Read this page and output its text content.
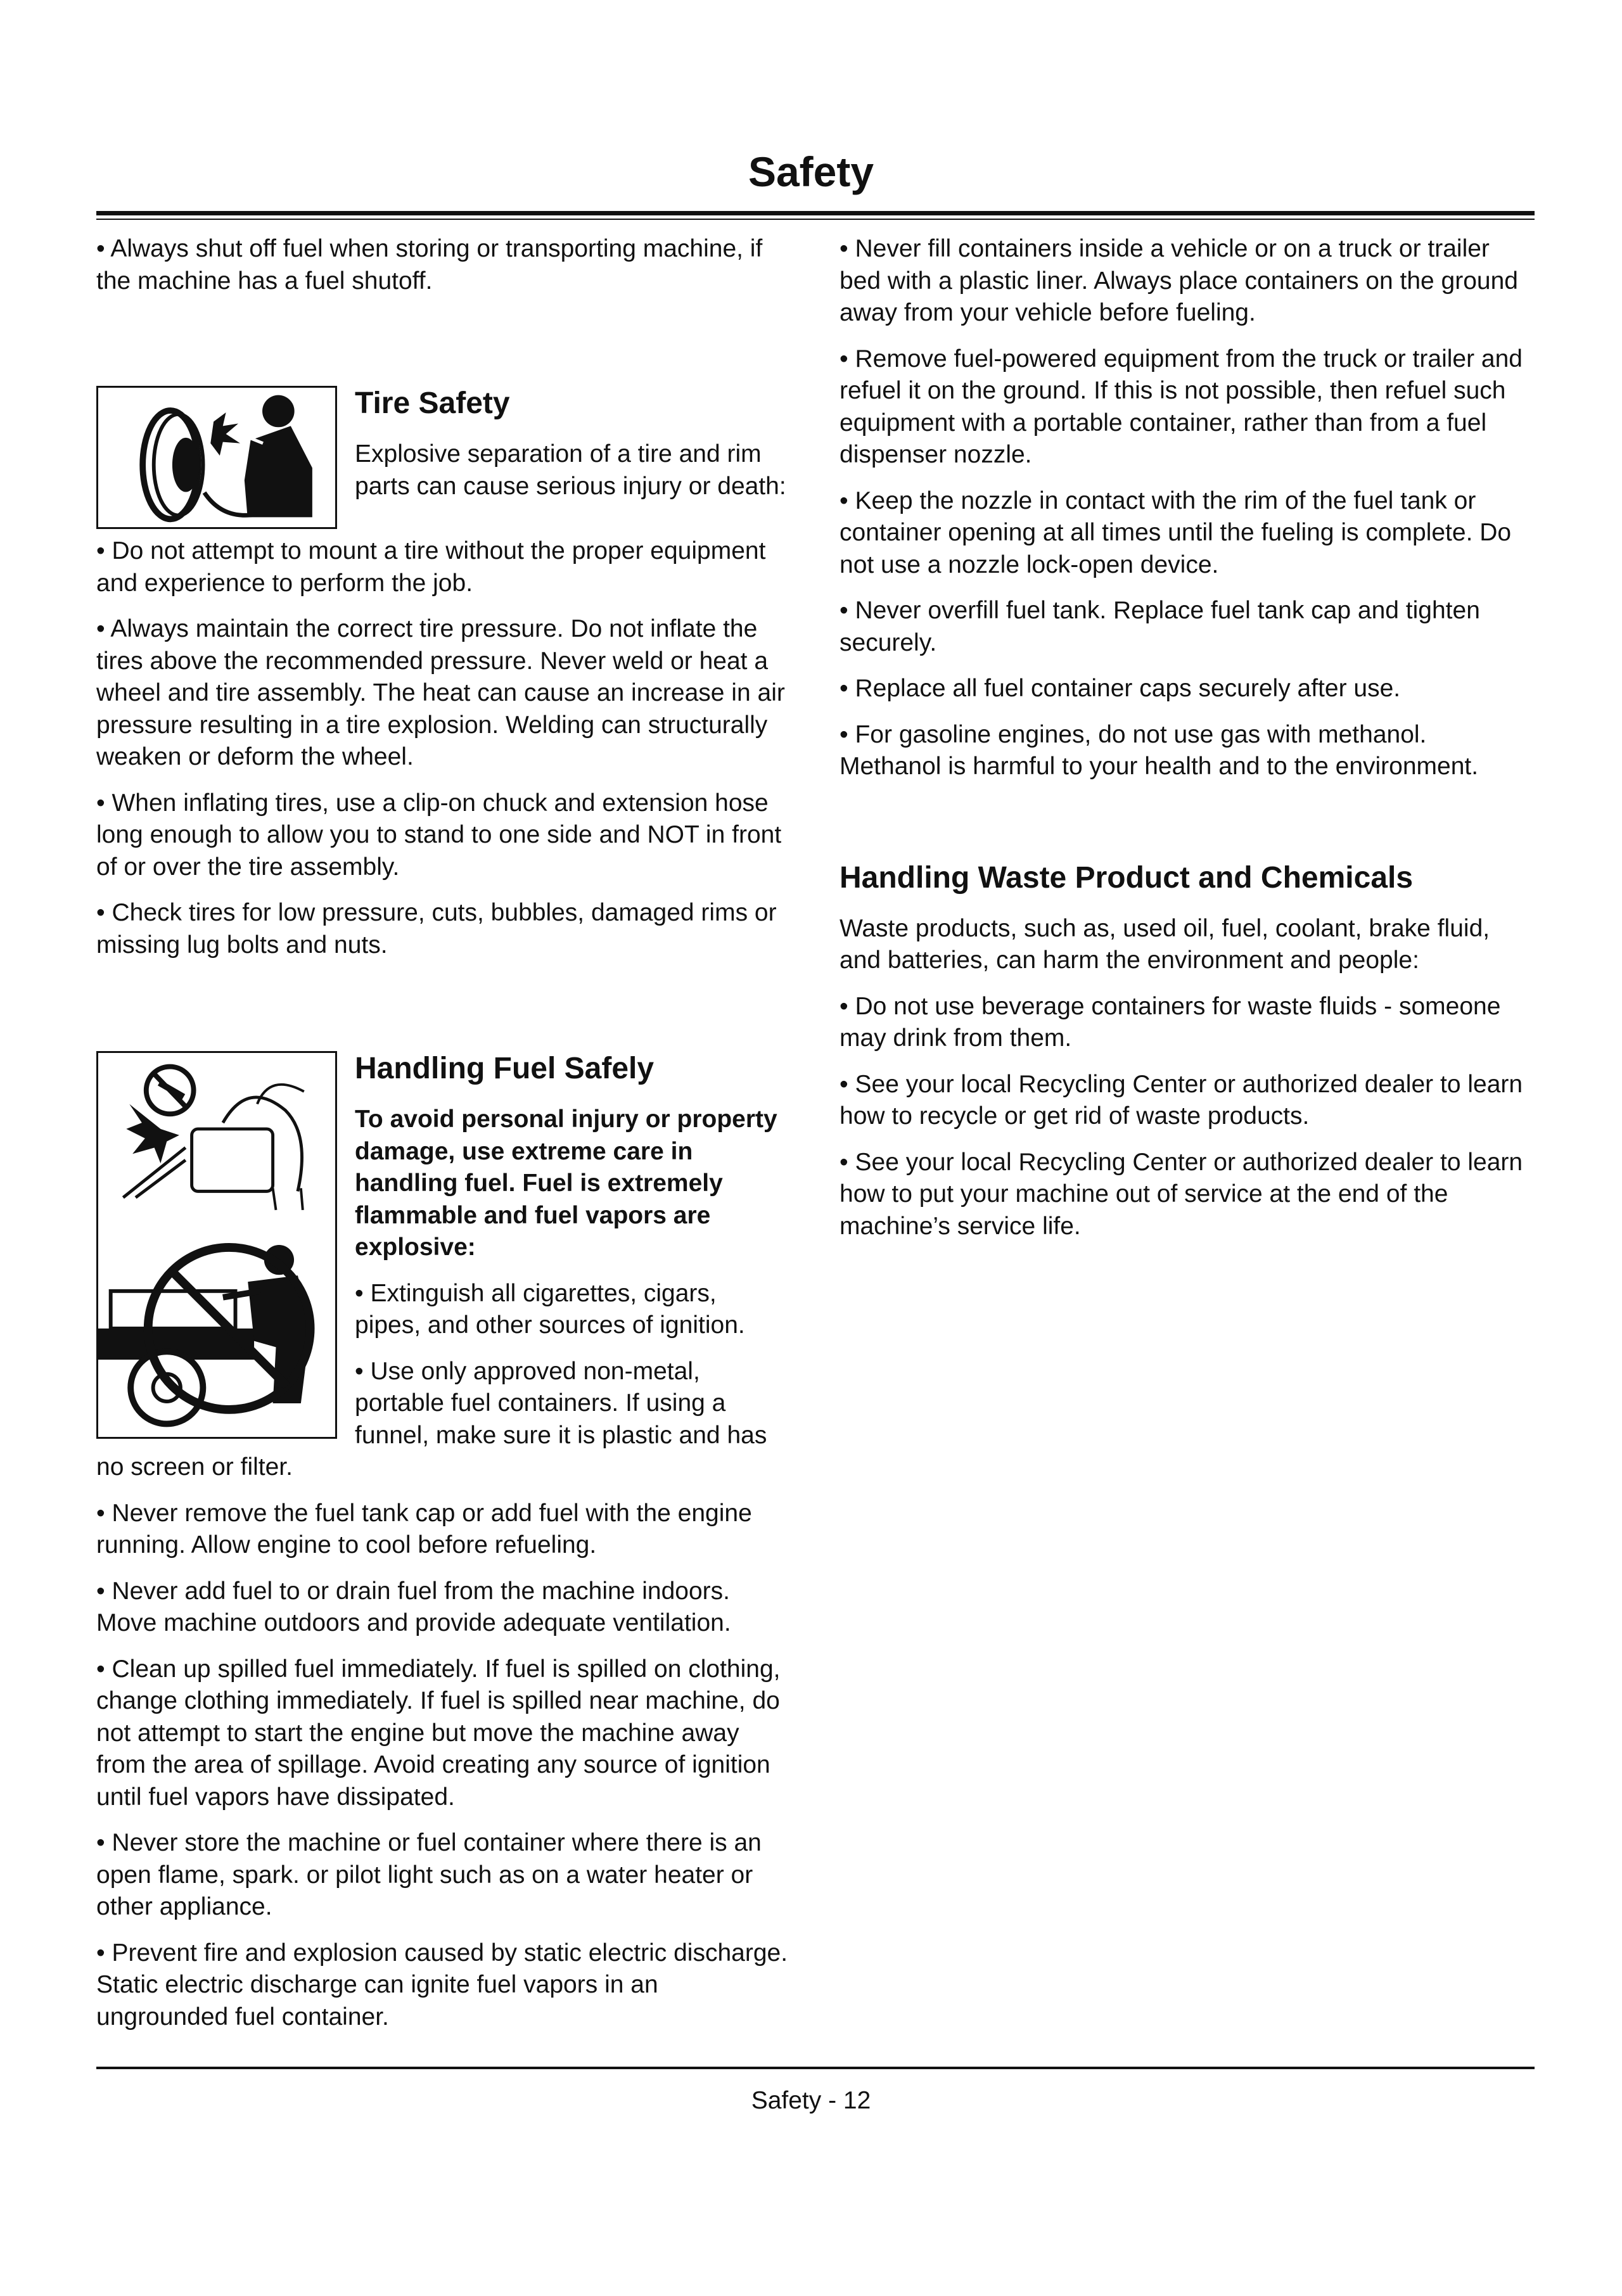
Safety

• Always shut off fuel when storing or transporting machine, if the machine has a fuel shutoff.

Tire Safety

Explosive separation of a tire and rim parts can cause serious injury or death:

• Do not attempt to mount a tire without the proper equipment and experience to perform the job.

• Always maintain the correct tire pressure. Do not inflate the tires above the recommended pressure. Never weld or heat a wheel and tire assembly. The heat can cause an increase in air pressure resulting in a tire explosion. Welding can structurally weaken or deform the wheel.

• When inflating tires, use a clip-on chuck and extension hose long enough to allow you to stand to one side and NOT in front of or over the tire assembly.

• Check tires for low pressure, cuts, bubbles, damaged rims or missing lug bolts and nuts.

Handling Fuel Safely

To avoid personal injury or property damage, use extreme care in handling fuel. Fuel is extremely flammable and fuel vapors are explosive:

• Extinguish all cigarettes, cigars, pipes, and other sources of ignition.

• Use only approved non-metal, portable fuel containers. If using a funnel, make sure it is plastic and has no screen or filter.

• Never remove the fuel tank cap or add fuel with the engine running. Allow engine to cool before refueling.

• Never add fuel to or drain fuel from the machine indoors. Move machine outdoors and provide adequate ventilation.

• Clean up spilled fuel immediately. If fuel is spilled on clothing, change clothing immediately. If fuel is spilled near machine, do not attempt to start the engine but move the machine away from the area of spillage. Avoid creating any source of ignition until fuel vapors have dissipated.

• Never store the machine or fuel container where there is an open flame, spark. or pilot light such as on a water heater or other appliance.

• Prevent fire and explosion caused by static electric discharge. Static electric discharge can ignite fuel vapors in an ungrounded fuel container.

• Never fill containers inside a vehicle or on a truck or trailer bed with a plastic liner. Always place containers on the ground away from your vehicle before fueling.

• Remove fuel-powered equipment from the truck or trailer and refuel it on the ground. If this is not possible, then refuel such equipment with a portable container, rather than from a fuel dispenser nozzle.

• Keep the nozzle in contact with the rim of the fuel tank or container opening at all times until the fueling is complete. Do not use a nozzle lock-open device.

• Never overfill fuel tank. Replace fuel tank cap and tighten securely.

• Replace all fuel container caps securely after use.

• For gasoline engines, do not use gas with methanol. Methanol is harmful to your health and to the environment.

Handling Waste Product and Chemicals

Waste products, such as, used oil, fuel, coolant, brake fluid, and batteries, can harm the environment and people:

• Do not use beverage containers for waste fluids - someone may drink from them.

• See your local Recycling Center or authorized dealer to learn how to recycle or get rid of waste products.

• See your local Recycling Center or authorized dealer to learn how to put your machine out of service at the end of the machine’s service life.

Safety - 12
